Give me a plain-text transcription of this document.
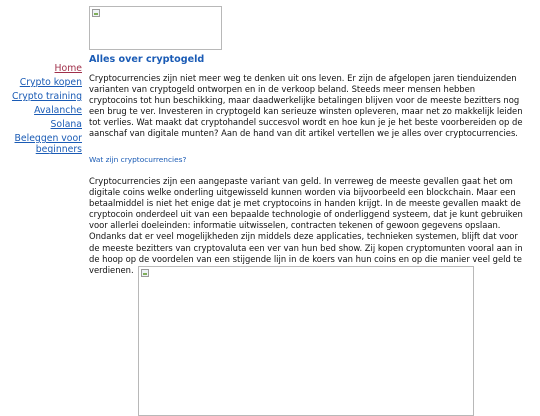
Home
Crypto kopen
Crypto training
Avalanche
Solana
Beleggen voor beginners
Alles over cryptogeld

Cryptocurrencies zijn niet meer weg te denken uit ons leven. Er zijn de afgelopen jaren tienduizenden varianten van cryptogeld ontworpen en in de verkoop beland. Steeds meer mensen hebben cryptocoins tot hun beschikking, maar daadwerkelijke betalingen blijven voor de meeste bezitters nog een brug te ver. Investeren in cryptogeld kan serieuze winsten opleveren, maar net zo makkelijk leiden tot verlies. Wat maakt dat cryptohandel succesvol wordt en hoe kun je je het beste voorbereiden op de aanschaf van digitale munten? Aan de hand van dit artikel vertellen we je alles over cryptocurrencies.

Wat zijn cryptocurrencies?

Cryptocurrencies zijn een aangepaste variant van geld. In verreweg de meeste gevallen gaat het om digitale coins welke onderling uitgewisseld kunnen worden via bijvoorbeeld een blockchain. Maar een betaalmiddel is niet het enige dat je met cryptocoins in handen krijgt. In de meeste gevallen maakt de cryptocoin onderdeel uit van een bepaalde technologie of onderliggend systeem, dat je kunt gebruiken voor allerlei doeleinden: informatie uitwisselen, contracten tekenen of gewoon gegevens opslaan. Ondanks dat er veel mogelijkheden zijn middels deze applicaties, technieken systemen, blijft dat voor de meeste bezitters van cryptovaluta een ver van hun bed show. Zij kopen cryptomunten vooral aan in de hoop op de voordelen van een stijgende lijn in de koers van hun coins en op die manier veel geld te verdienen.
